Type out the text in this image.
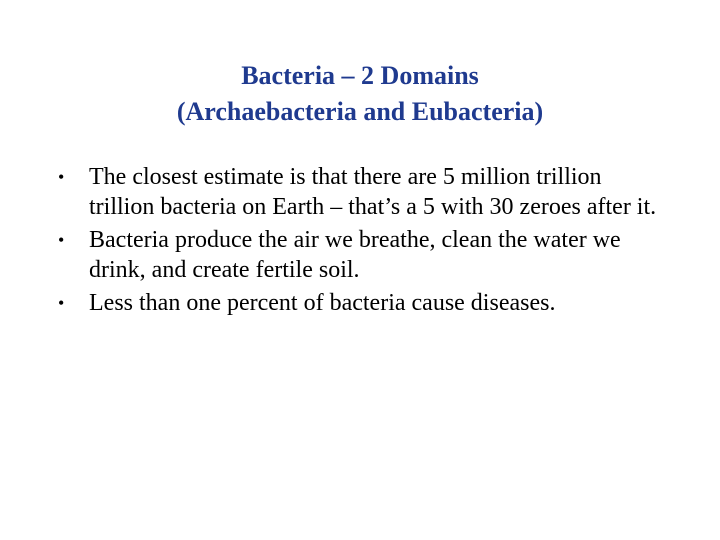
Bacteria – 2 Domains
(Archaebacteria and Eubacteria)
•	The closest estimate is that there are 5 million trillion trillion bacteria on Earth – that’s a 5 with 30 zeroes after it.
•	Bacteria produce the air we breathe, clean the water we drink, and create fertile soil.
•	Less than one percent of bacteria cause diseases.
